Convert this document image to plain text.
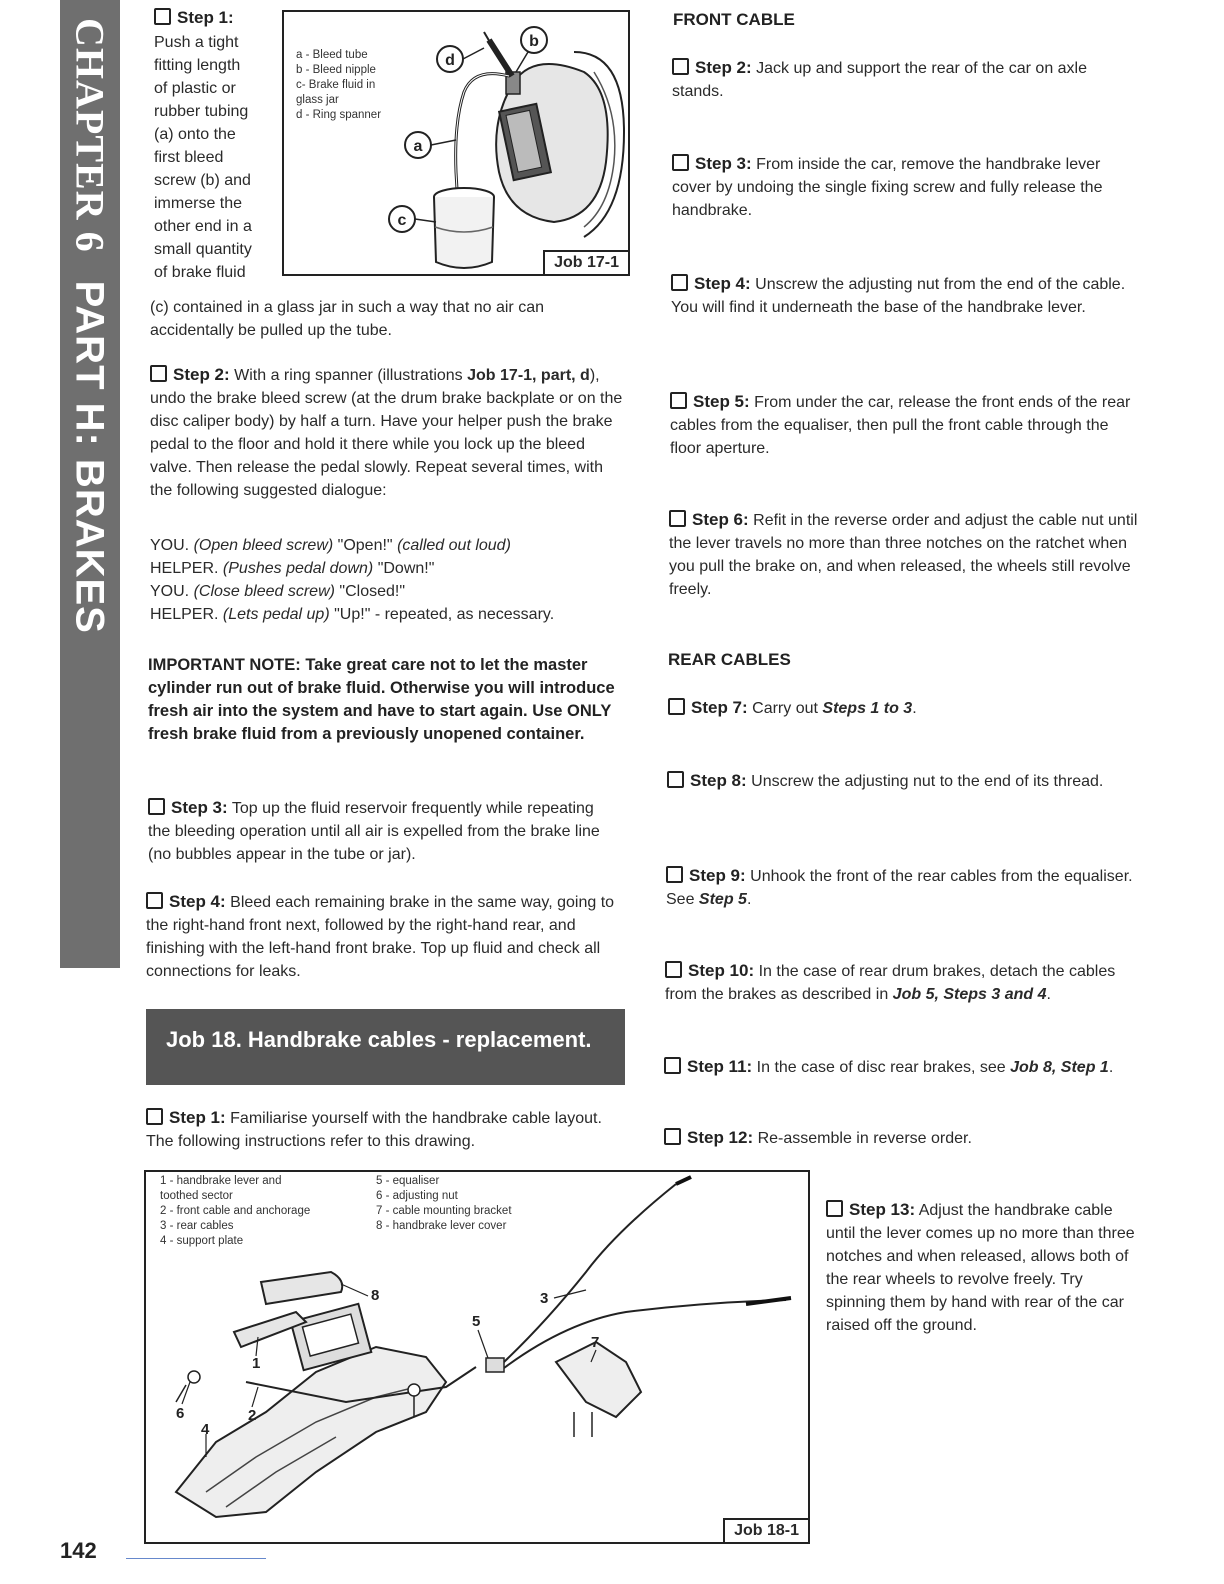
CHAPTER 6PART H: BRAKES
Step 1:
Push a tight
fitting length
of plastic or
rubber tubing
(a) onto the
first bleed
screw (b) and
immerse the
other end in a
small quantity
of brake fluid
a - Bleed tube
b - Bleed nipple
c- Brake fluid in
glass jar
d - Ring spanner
d
b
a
c
Job 17-1
(c) contained in a glass jar in such a way that no air can accidentally be pulled up the tube.
Step 2: With a ring spanner (illustrations Job 17-1, part, d), undo the brake bleed screw (at the drum brake backplate or on the disc caliper body) by half a turn. Have your helper push the brake pedal to the floor and hold it there while you lock up the bleed valve. Then release the pedal slowly. Repeat several times, with the following suggested dialogue:
YOU. (Open bleed screw) "Open!" (called out loud)
HELPER. (Pushes pedal down) "Down!"
YOU. (Close bleed screw) "Closed!"
HELPER. (Lets pedal up) "Up!" - repeated, as necessary.
IMPORTANT NOTE: Take great care not to let the master cylinder run out of brake fluid. Otherwise you will introduce fresh air into the system and have to start again. Use ONLY fresh brake fluid from a previously unopened container.
Step 3: Top up the fluid reservoir frequently while repeating the bleeding operation until all air is expelled from the brake line (no bubbles appear in the tube or jar).
Step 4: Bleed each remaining brake in the same way, going to the right-hand front next, followed by the right-hand rear, and finishing with the left-hand front brake. Top up fluid and check all connections for leaks.
Job 18. Handbrake cables - replacement.
Step 1: Familiarise yourself with the handbrake cable layout. The following instructions refer to this drawing.
FRONT CABLE
Step 2: Jack up and support the rear of the car on axle stands.
Step 3: From inside the car, remove the handbrake lever cover by undoing the single fixing screw and fully release the handbrake.
Step 4: Unscrew the adjusting nut from the end of the cable. You will find it underneath the base of the handbrake lever.
Step 5: From under the car, release the front ends of the rear cables from the equaliser, then pull the front cable through the floor aperture.
Step 6: Refit in the reverse order and adjust the cable nut until the lever travels no more than three notches on the ratchet when you pull the brake on, and when released, the wheels still revolve freely.
REAR CABLES
Step 7: Carry out Steps 1 to 3.
Step 8: Unscrew the adjusting nut to the end of its thread.
Step 9: Unhook the front of the rear cables from the equaliser. See Step 5.
Step 10: In the case of rear drum brakes, detach the cables from the brakes as described in Job 5, Steps 3 and 4.
Step 11: In the case of disc rear brakes, see Job 8, Step 1.
Step 12: Re-assemble in reverse order.
Step 13: Adjust the handbrake cable until the lever comes up no more than three notches and when released, allows both of the rear wheels to revolve freely. Try spinning them by hand with rear of the car raised off the ground.
1 - handbrake lever and
toothed sector
2 - front cable and anchorage
3 - rear cables
4 - support plate
5 - equaliser
6 - adjusting nut
7 - cable mounting bracket
8 - handbrake lever cover
1
2
3
4
5
6
7
8
Job 18-1
142
